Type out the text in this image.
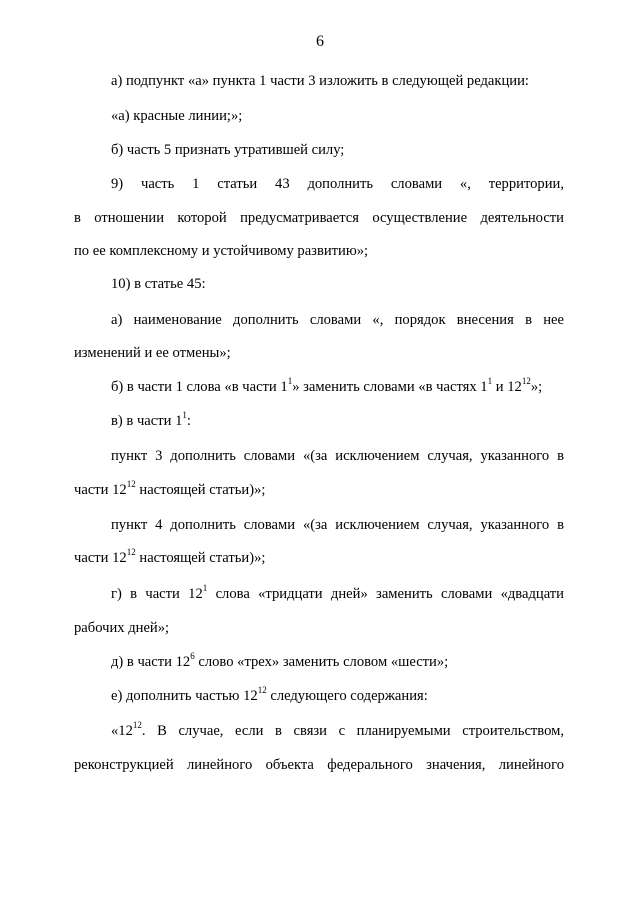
6
а) подпункт «а» пункта 1 части 3 изложить в следующей редакции:
«а) красные линии;»;
б) часть 5 признать утратившей силу;
9)   часть   1   статьи   43   дополнить   словами   «,   территории,
в отношении которой предусматривается осуществление деятельности
по ее комплексному и устойчивому развитию»;
10) в статье 45:
а) наименование дополнить словами «, порядок внесения в нее
изменений и ее отмены»;
б) в части 1 слова «в части $1^1$» заменить словами «в частях $1^1$ и $12^{12}$»;
в) в части $1^1$:
пункт 3 дополнить словами «(за исключением случая, указанного в
части $12^{12}$ настоящей статьи)»;
пункт 4 дополнить словами «(за исключением случая, указанного в
части $12^{12}$ настоящей статьи)»;
г) в части $12^1$ слова «тридцати дней» заменить словами «двадцати
рабочих дней»;
д) в части $12^6$ слово «трех» заменить словом «шести»;
е) дополнить частью $12^{12}$ следующего содержания:
«$12^{12}$. В случае, если в связи с планируемыми строительством,
реконструкцией линейного объекта федерального значения, линейного
